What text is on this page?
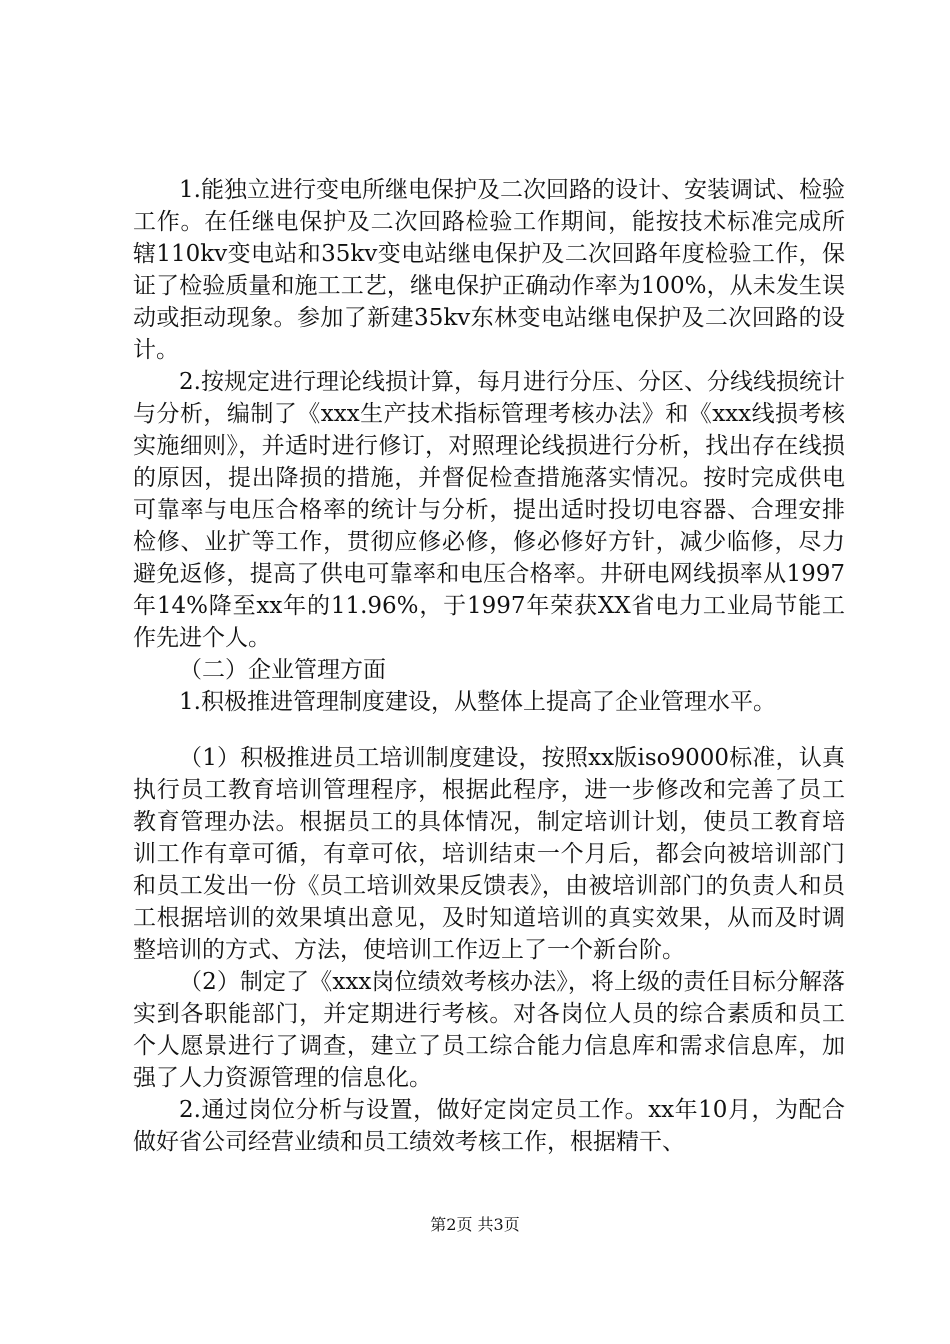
1.能独立进行变电所继电保护及二次回路的设计、安装调试、检验工作。在任继电保护及二次回路检验工作期间，能按技术标准完成所辖110kv变电站和35kv变电站继电保护及二次回路年度检验工作，保证了检验质量和施工工艺，继电保护正确动作率为100%，从未发生误动或拒动现象。参加了新建35kv东林变电站继电保护及二次回路的设计。

2.按规定进行理论线损计算，每月进行分压、分区、分线线损统计与分析，编制了《xxx生产技术指标管理考核办法》和《xxx线损考核实施细则》，并适时进行修订，对照理论线损进行分析，找出存在线损的原因，提出降损的措施，并督促检查措施落实情况。按时完成供电可靠率与电压合格率的统计与分析，提出适时投切电容器、合理安排检修、业扩等工作，贯彻应修必修，修必修好方针，减少临修，尽力避免返修，提高了供电可靠率和电压合格率。井研电网线损率从1997年14%降至xx年的11.96%，于1997年荣获XX省电力工业局节能工作先进个人。

（二）企业管理方面

1.积极推进管理制度建设，从整体上提高了企业管理水平。

（1）积极推进员工培训制度建设，按照xx版iso9000标准，认真执行员工教育培训管理程序，根据此程序，进一步修改和完善了员工教育管理办法。根据员工的具体情况，制定培训计划，使员工教育培训工作有章可循，有章可依，培训结束一个月后，都会向被培训部门和员工发出一份《员工培训效果反馈表》，由被培训部门的负责人和员工根据培训的效果填出意见，及时知道培训的真实效果，从而及时调整培训的方式、方法，使培训工作迈上了一个新台阶。

（2）制定了《xxx岗位绩效考核办法》，将上级的责任目标分解落实到各职能部门，并定期进行考核。对各岗位人员的综合素质和员工个人愿景进行了调查，建立了员工综合能力信息库和需求信息库，加强了人力资源管理的信息化。

2.通过岗位分析与设置，做好定岗定员工作。xx年10月，为配合做好省公司经营业绩和员工绩效考核工作，根据精干、

第2页 共3页
